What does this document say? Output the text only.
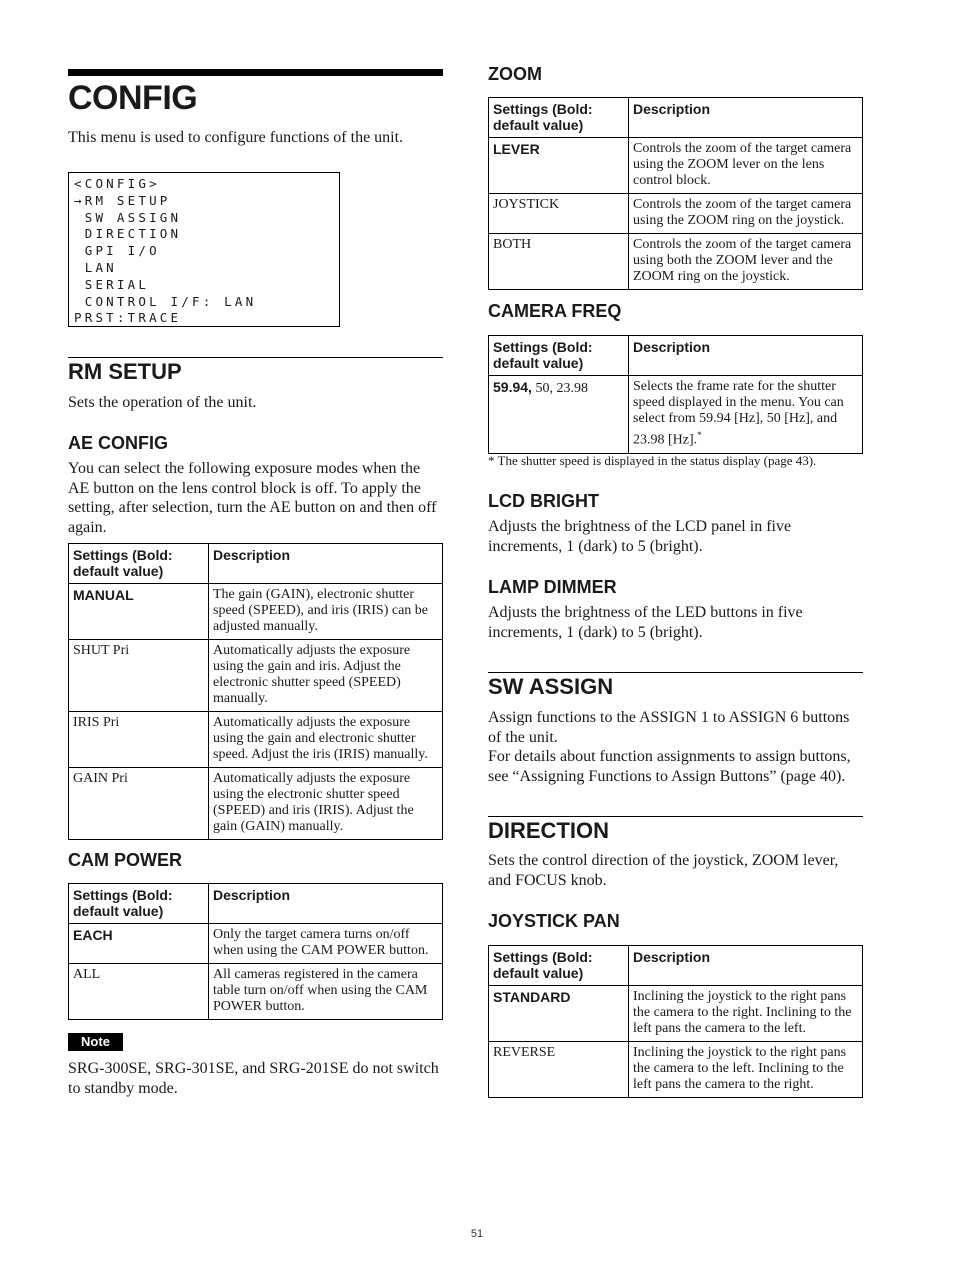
CONFIG

This menu is used to configure functions of the unit.

<CONFIG>

→RM SETUP

SW ASSIGN

DIRECTION

GPI I/O

LAN

SERIAL

CONTROL I/F: LAN

PRST:TRACE

RM SETUP

Sets the operation of the unit.

AE CONFIG

You can select the following exposure modes when the AE button on the lens control block is off. To apply the setting, after selection, turn the AE button on and then off again.

Settings (Bold: default value)	Description
MANUAL	The gain (GAIN), electronic shutter speed (SPEED), and iris (IRIS) can be adjusted manually.
SHUT Pri	Automatically adjusts the exposure using the gain and iris. Adjust the electronic shutter speed (SPEED) manually.
IRIS Pri	Automatically adjusts the exposure using the gain and electronic shutter speed. Adjust the iris (IRIS) manually.
GAIN Pri	Automatically adjusts the exposure using the electronic shutter speed (SPEED) and iris (IRIS). Adjust the gain (GAIN) manually.
CAM POWER
Settings (Bold: default value)	Description
EACH	Only the target camera turns on/off when using the CAM POWER button.
ALL	All cameras registered in the camera table turn on/off when using the CAM POWER button.
Note

SRG-300SE, SRG-301SE, and SRG-201SE do not switch to standby mode.

ZOOM
Settings (Bold: default value)	Description
LEVER	Controls the zoom of the target camera using the ZOOM lever on the lens control block.
JOYSTICK	Controls the zoom of the target camera using the ZOOM ring on the joystick.
BOTH	Controls the zoom of the target camera using both the ZOOM lever and the ZOOM ring on the joystick.
CAMERA FREQ
Settings (Bold: default value)	Description
59.94, 50, 23.98	Selects the frame rate for the shutter speed displayed in the menu. You can select from 59.94 [Hz], 50 [Hz], and 23.98 [Hz].*

* The shutter speed is displayed in the status display (page 43).

LCD BRIGHT

Adjusts the brightness of the LCD panel in five increments, 1 (dark) to 5 (bright).

LAMP DIMMER

Adjusts the brightness of the LED buttons in five increments, 1 (dark) to 5 (bright).

SW ASSIGN

Assign functions to the ASSIGN 1 to ASSIGN 6 buttons of the unit.

For details about function assignments to assign buttons, see “Assigning Functions to Assign Buttons” (page 40).

DIRECTION

Sets the control direction of the joystick, ZOOM lever, and FOCUS knob.

JOYSTICK PAN
Settings (Bold: default value)	Description
STANDARD	Inclining the joystick to the right pans the camera to the right. Inclining to the left pans the camera to the left.
REVERSE	Inclining the joystick to the right pans the camera to the left. Inclining to the left pans the camera to the right.
51
